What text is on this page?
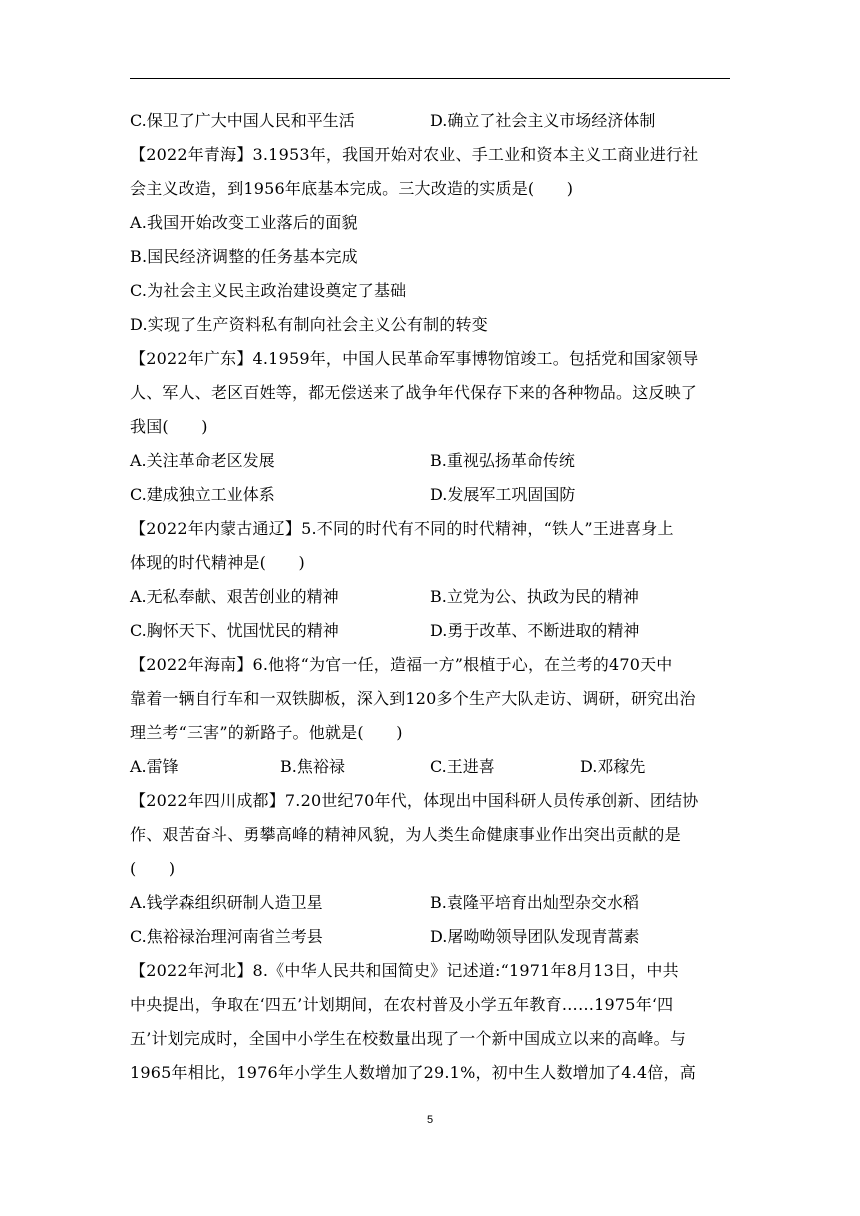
C.保卫了广大中国人民和平生活	D.确立了社会主义市场经济体制
【2022年青海】3.1953年，我国开始对农业、手工业和资本主义工商业进行社
会主义改造，到1956年底基本完成。三大改造的实质是(　　)
A.我国开始改变工业落后的面貌
B.国民经济调整的任务基本完成
C.为社会主义民主政治建设奠定了基础
D.实现了生产资料私有制向社会主义公有制的转变
【2022年广东】4.1959年，中国人民革命军事博物馆竣工。包括党和国家领导
人、军人、老区百姓等，都无偿送来了战争年代保存下来的各种物品。这反映了
我国(　　)
A.关注革命老区发展	B.重视弘扬革命传统
C.建成独立工业体系	D.发展军工巩固国防
【2022年内蒙古通辽】5.不同的时代有不同的时代精神，“铁人”王进喜身上
体现的时代精神是(　　)
A.无私奉献、艰苦创业的精神	B.立党为公、执政为民的精神
C.胸怀天下、忧国忧民的精神	D.勇于改革、不断进取的精神
【2022年海南】6.他将“为官一任，造福一方”根植于心，在兰考的470天中
靠着一辆自行车和一双铁脚板，深入到120多个生产大队走访、调研，研究出治
理兰考“三害”的新路子。他就是(　　)
A.雷锋	B.焦裕禄	C.王进喜	D.邓稼先
【2022年四川成都】7.20世纪70年代，体现出中国科研人员传承创新、团结协
作、艰苦奋斗、勇攀高峰的精神风貌，为人类生命健康事业作出突出贡献的是
(　　)
A.钱学森组织研制人造卫星	B.袁隆平培育出灿型杂交水稻
C.焦裕禄治理河南省兰考县	D.屠呦呦领导团队发现青蒿素
【2022年河北】8.《中华人民共和国简史》记述道:“1971年8月13日，中共
中央提出，争取在‘四五’计划期间，在农村普及小学五年教育……1975年‘四
五’计划完成时，全国中小学生在校数量出现了一个新中国成立以来的高峰。与
1965年相比，1976年小学生人数增加了29.1%，初中生人数增加了4.4倍，高
5
